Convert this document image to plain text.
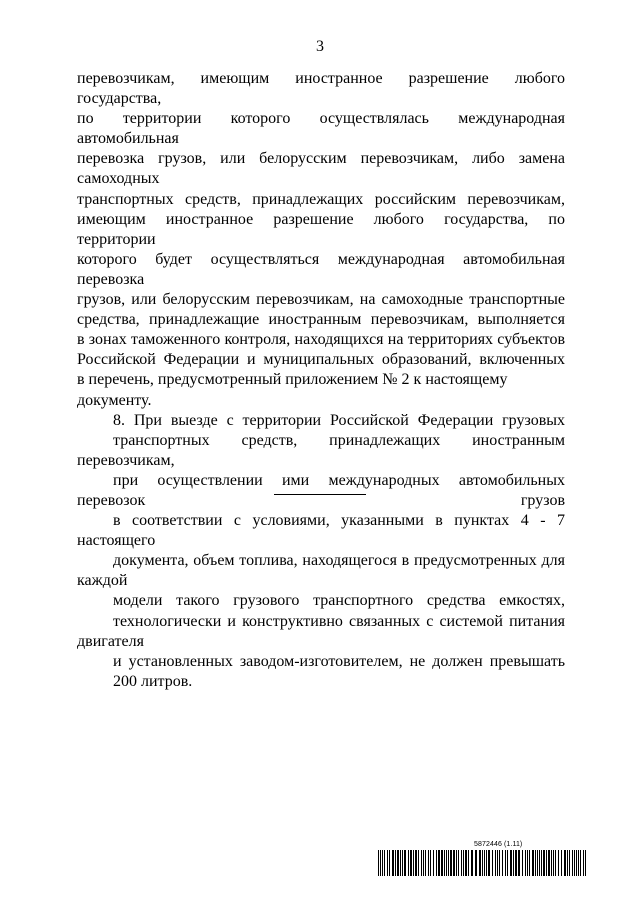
3

перевозчикам, имеющим иностранное разрешение любого государства,
по территории которого осуществлялась международная автомобильная
перевозка грузов, или белорусским перевозчикам, либо замена самоходных
транспортных средств, принадлежащих российским перевозчикам,
имеющим иностранное разрешение любого государства, по территории
которого будет осуществляться международная автомобильная перевозка
грузов, или белорусским перевозчикам, на самоходные транспортные
средства, принадлежащие иностранным перевозчикам, выполняется
в зонах таможенного контроля, находящихся на территориях субъектов
Российской Федерации и муниципальных образований, включенных
в перечень, предусмотренный приложением № 2 к настоящему документу.

8. При выезде с территории Российской Федерации грузовых
транспортных средств, принадлежащих иностранным перевозчикам,
при осуществлении ими международных автомобильных перевозок грузов
в соответствии с условиями, указанными в пунктах 4 - 7 настоящего
документа, объем топлива, находящегося в предусмотренных для каждой
модели такого грузового транспортного средства емкостях,
технологически и конструктивно связанных с системой питания двигателя
и установленных заводом-изготовителем, не должен превышать
200 литров.

5872446 (1.11)
